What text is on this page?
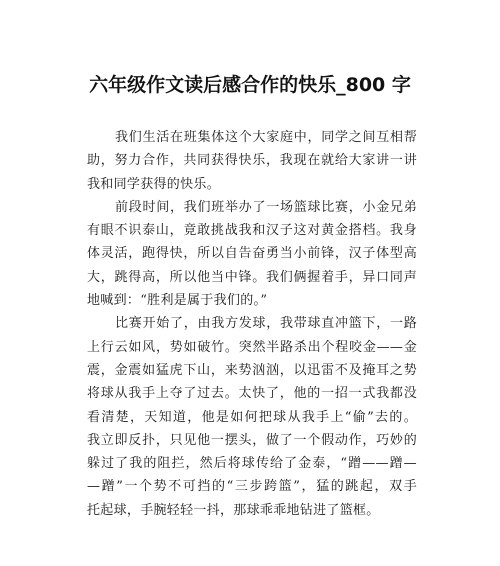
六年级作文读后感合作的快乐_800 字
我们生活在班集体这个大家庭中，同学之间互相帮
助，努力合作，共同获得快乐，我现在就给大家讲一讲
我和同学获得的快乐。
前段时间，我们班举办了一场篮球比赛，小金兄弟
有眼不识泰山，竟敢挑战我和汉子这对黄金搭档。我身
体灵活，跑得快，所以自告奋勇当小前锋，汉子体型高
大，跳得高，所以他当中锋。我们俩握着手，异口同声
地喊到：“胜利是属于我们的。”
比赛开始了，由我方发球，我带球直冲篮下，一路
上行云如风，势如破竹。突然半路杀出个程咬金——金
震，金震如猛虎下山，来势汹汹，以迅雷不及掩耳之势
将球从我手上夺了过去。太快了，他的一招一式我都没
看清楚，天知道，他是如何把球从我手上“偷”去的。
我立即反扑，只见他一摆头，做了一个假动作，巧妙的
躲过了我的阻拦，然后将球传给了金泰，“蹭——蹭—
—蹭”一个势不可挡的“三步跨篮”，猛的跳起，双手
托起球，手腕轻轻一抖，那球乖乖地钻进了篮框。
